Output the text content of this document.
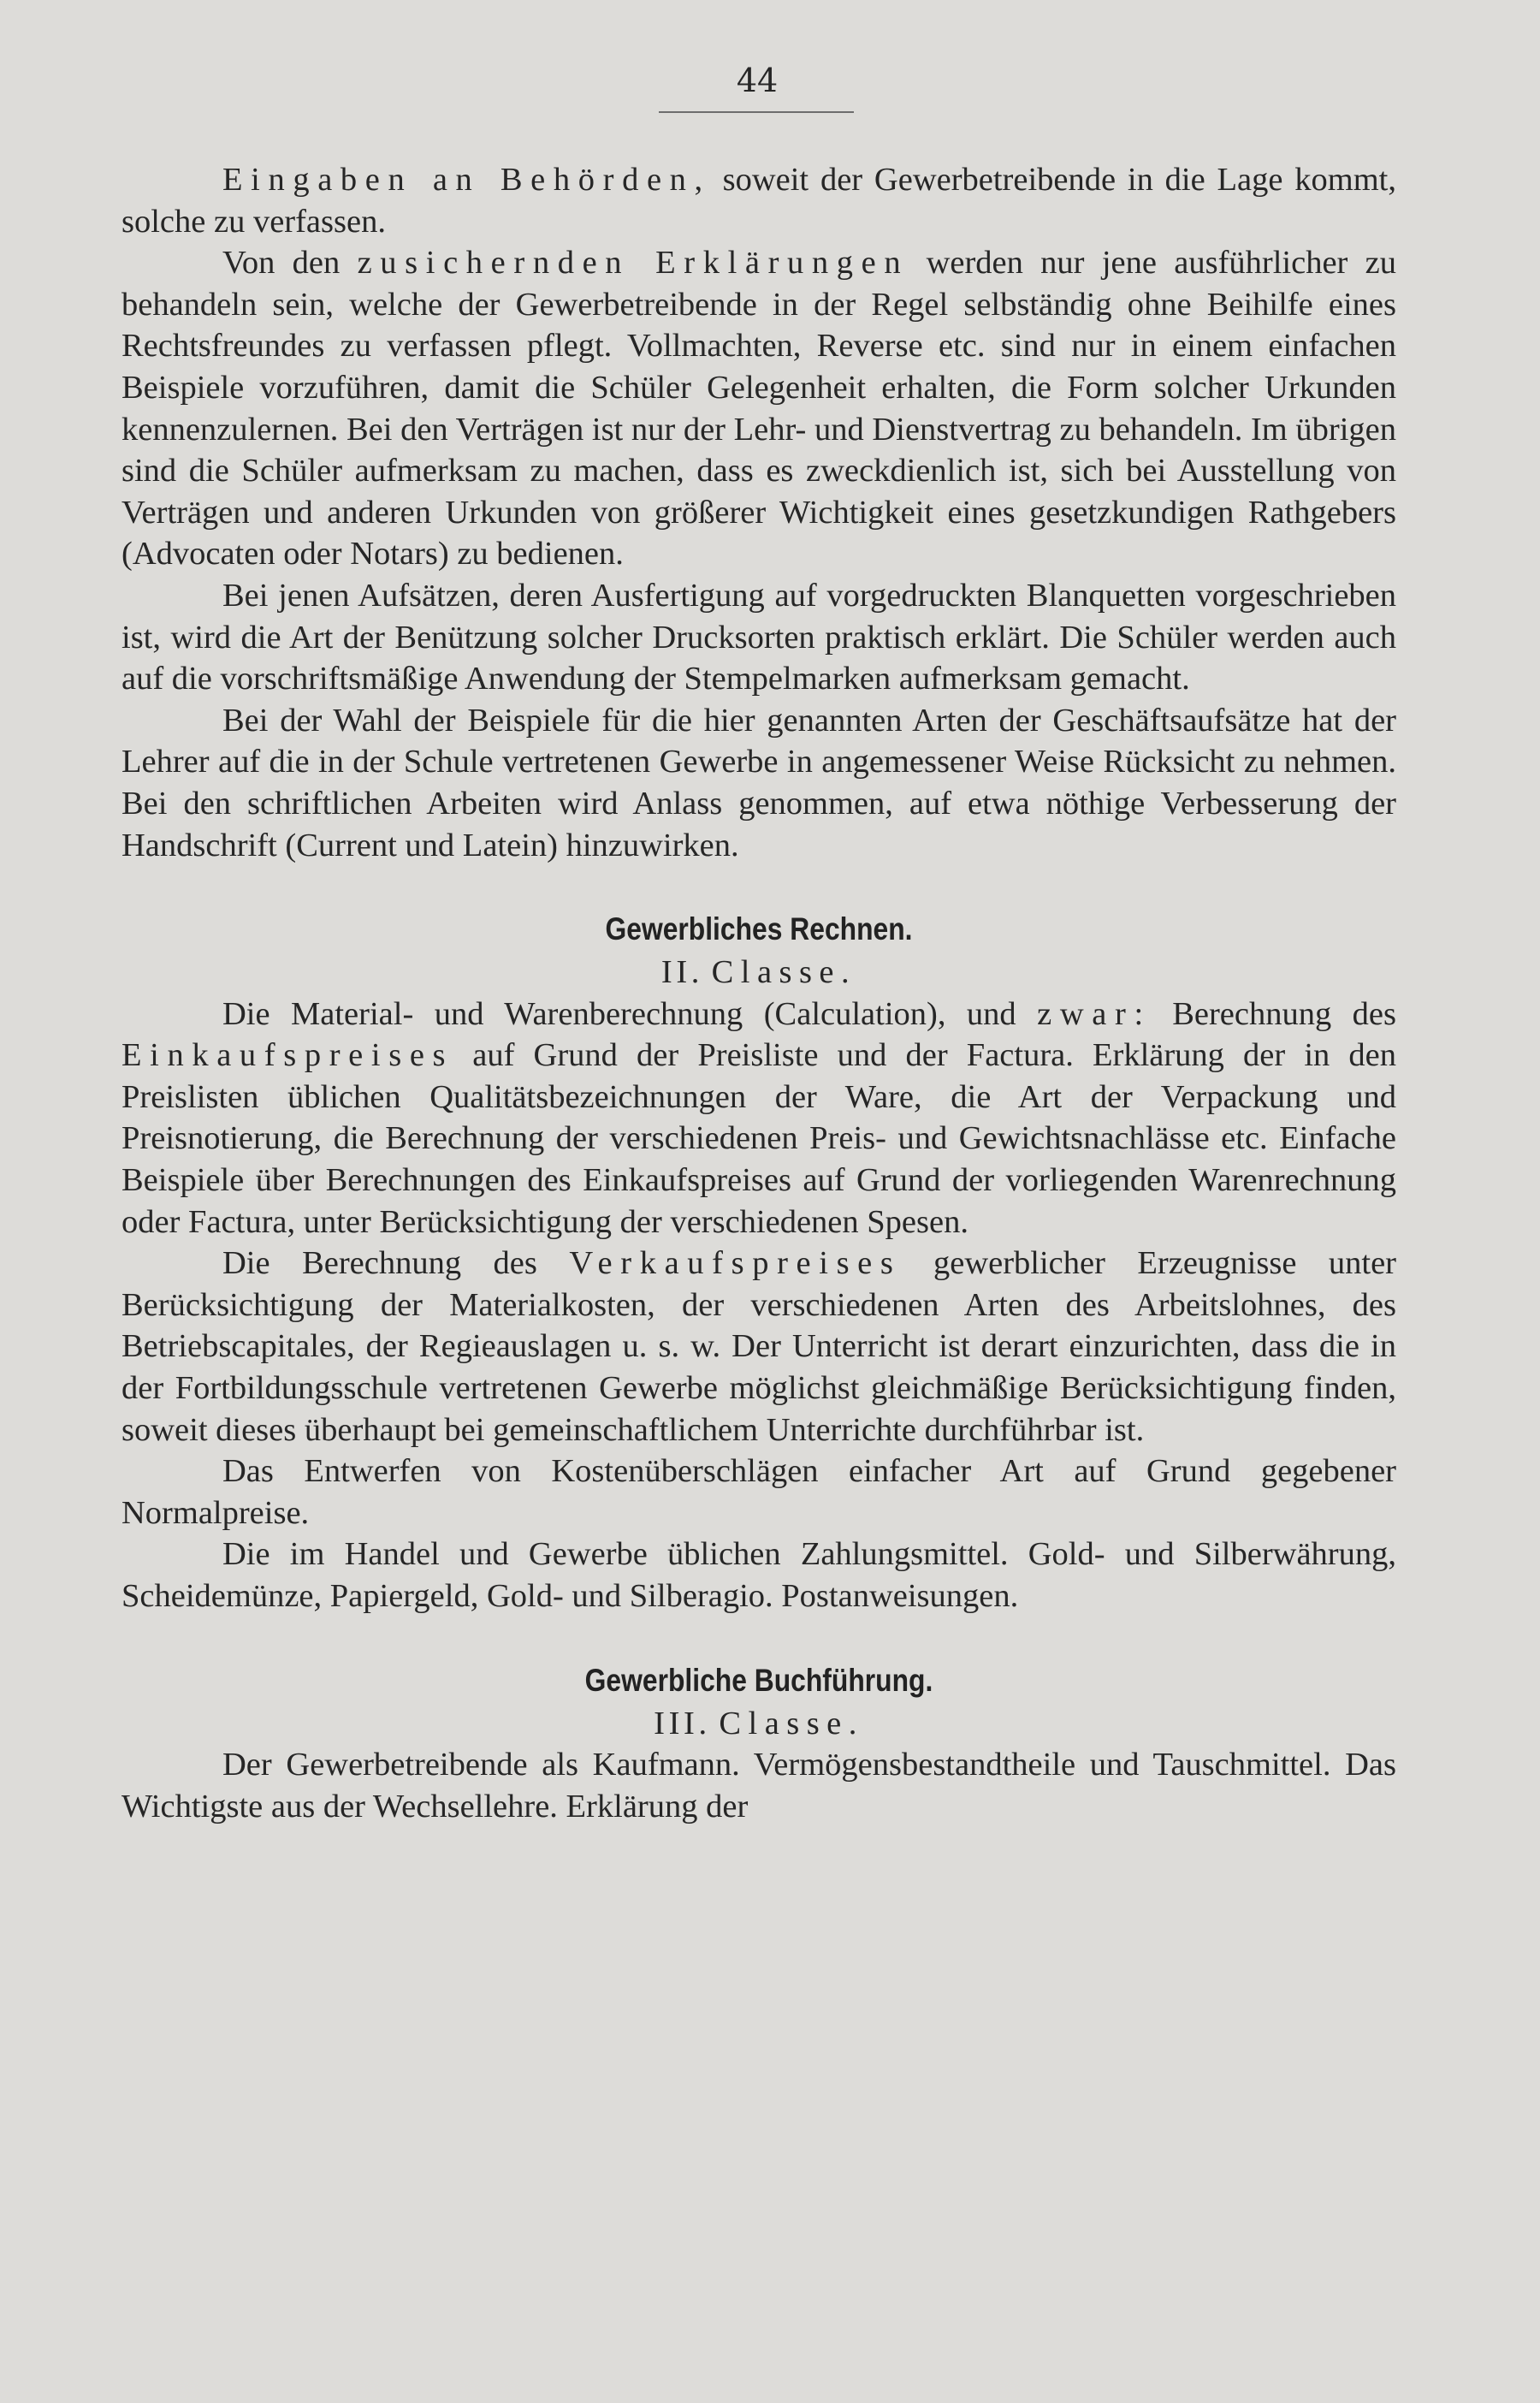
44

Eingaben an Behörden, soweit der Gewerbetreibende in die Lage kommt, solche zu verfassen.

Von den zusichernden Erklärungen werden nur jene ausführlicher zu behandeln sein, welche der Gewerbetreibende in der Regel selbständig ohne Beihilfe eines Rechtsfreundes zu verfassen pflegt. Vollmachten, Reverse etc. sind nur in einem einfachen Beispiele vorzuführen, damit die Schüler Gelegenheit erhalten, die Form solcher Urkunden kennenzulernen. Bei den Verträgen ist nur der Lehr- und Dienstvertrag zu behandeln. Im übrigen sind die Schüler aufmerksam zu machen, dass es zweckdienlich ist, sich bei Ausstellung von Verträgen und anderen Urkunden von größerer Wichtigkeit eines gesetzkundigen Rathgebers (Advocaten oder Notars) zu bedienen.

Bei jenen Aufsätzen, deren Ausfertigung auf vorgedruckten Blanquetten vorgeschrieben ist, wird die Art der Benützung solcher Drucksorten praktisch erklärt. Die Schüler werden auch auf die vorschriftsmäßige Anwendung der Stempelmarken aufmerksam gemacht.

Bei der Wahl der Beispiele für die hier genannten Arten der Geschäftsaufsätze hat der Lehrer auf die in der Schule vertretenen Gewerbe in angemessener Weise Rücksicht zu nehmen. Bei den schriftlichen Arbeiten wird Anlass genommen, auf etwa nöthige Verbesserung der Handschrift (Current und Latein) hinzuwirken.

Gewerbliches Rechnen.
II. Classe.

Die Material- und Warenberechnung (Calculation), und zwar: Berechnung des Einkaufspreises auf Grund der Preisliste und der Factura. Erklärung der in den Preislisten üblichen Qualitätsbezeichnungen der Ware, die Art der Verpackung und Preisnotierung, die Berechnung der verschiedenen Preis- und Gewichtsnachlässe etc. Einfache Beispiele über Berechnungen des Einkaufspreises auf Grund der vorliegenden Warenrechnung oder Factura, unter Berücksichtigung der verschiedenen Spesen.

Die Berechnung des Verkaufspreises gewerblicher Erzeugnisse unter Berücksichtigung der Materialkosten, der verschiedenen Arten des Arbeitslohnes, des Betriebscapitales, der Regieauslagen u. s. w. Der Unterricht ist derart einzurichten, dass die in der Fortbildungsschule vertretenen Gewerbe möglichst gleichmäßige Berücksichtigung finden, soweit dieses überhaupt bei gemeinschaftlichem Unterrichte durchführbar ist.

Das Entwerfen von Kostenüberschlägen einfacher Art auf Grund gegebener Normalpreise.

Die im Handel und Gewerbe üblichen Zahlungsmittel. Gold- und Silberwährung, Scheidemünze, Papiergeld, Gold- und Silberagio. Postanweisungen.

Gewerbliche Buchführung.
III. Classe.

Der Gewerbetreibende als Kaufmann. Vermögensbestandtheile und Tauschmittel. Das Wichtigste aus der Wechsellehre. Erklärung der
